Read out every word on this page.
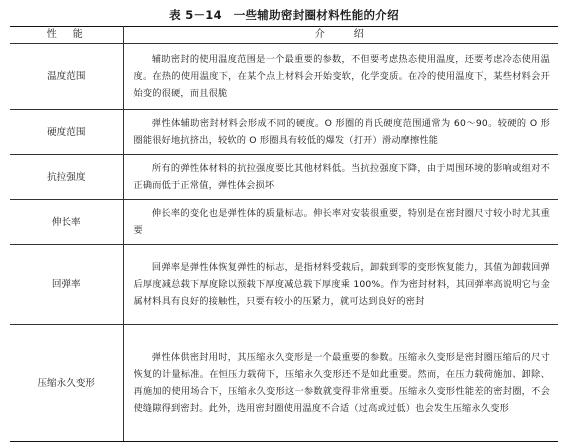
表 5－14　一些辅助密封圈材料性能的介绍
性　能	介　　绍
温度范围	辅助密封的使用温度范围是一个最重要的参数，不但要考虑热态使用温度，还要考虑冷态使用温度。在热的使用温度下，在某个点上材料会开始变软，化学变质。在冷的使用温度下，某些材料会开始变的很硬，而且很脆
硬度范围	弹性体辅助密封材料会形成不同的硬度。O 形圈的肖氏硬度范围通常为 60～90。较硬的 O 形圈能很好地抗挤出，较软的 O 形圈具有较低的爆发（打开）滑动摩擦性能
抗拉强度	所有的弹性体材料的抗拉强度要比其他材料低。当抗拉强度下降，由于周围环境的影响或组对不正确而低于正常值，弹性体会损坏
伸长率	伸长率的变化也是弹性体的质量标志。伸长率对安装很重要，特别是在密封圈尺寸较小时尤其重要
回弹率	回弹率是弹性体恢复弹性的标志，是指材料受载后，卸载到零的变形恢复能力，其值为卸载回弹后厚度减总载下厚度除以预载下厚度减总载下厚度乘 100%。作为密封材料，其回弹率高说明它与金属材料具有良好的接触性，只要有较小的压紧力，就可达到良好的密封
压缩永久变形	弹性体供密封用时，其压缩永久变形是一个最重要的参数。压缩永久变形是密封圈压缩后的尺寸恢复的计量标准。在恒压力载荷下，压缩永久变形还不是如此重要。然而，在压力载荷施加、卸除、再施加的使用场合下，压缩永久变形这一参数就变得非常重要。压缩永久变形性能差的密封圈，不会使缝隙得到密封。此外，选用密封圈使用温度不合适（过高或过低）也会发生压缩永久变形
